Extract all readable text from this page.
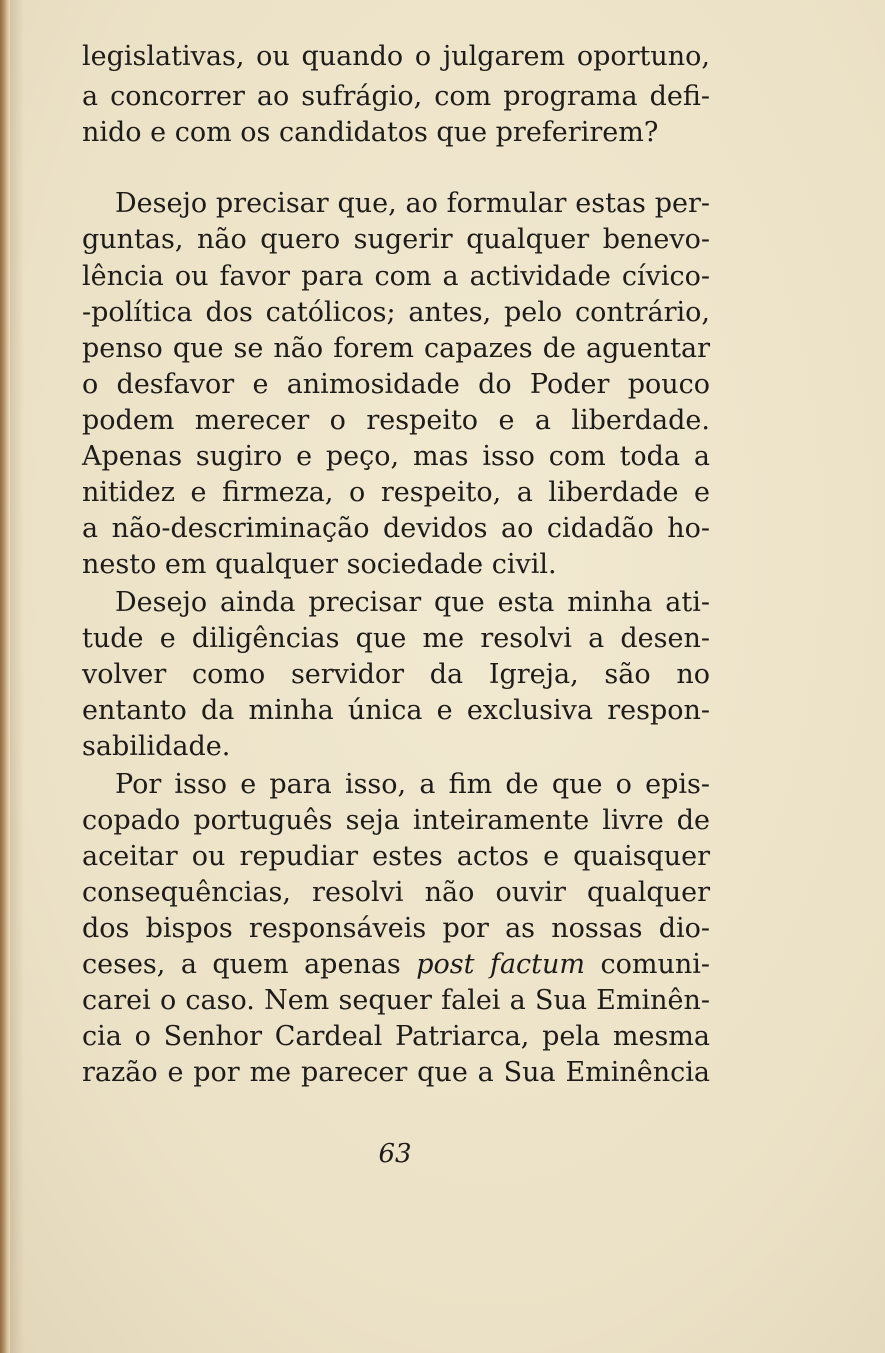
legislativas, ou quando o julgarem oportuno,
a concorrer ao sufrágio, com programa defi-
nido e com os candidatos que preferirem?
Desejo precisar que, ao formular estas per-
guntas, não quero sugerir qualquer benevo-
lência ou favor para com a actividade cívico-
-política dos católicos; antes, pelo contrário,
penso que se não forem capazes de aguentar
o desfavor e animosidade do Poder pouco
podem merecer o respeito e a liberdade.
Apenas sugiro e peço, mas isso com toda a
nitidez e firmeza, o respeito, a liberdade e
a não-descriminação devidos ao cidadão ho-
nesto em qualquer sociedade civil.
Desejo ainda precisar que esta minha ati-
tude e diligências que me resolvi a desen-
volver como servidor da Igreja, são no
entanto da minha única e exclusiva respon-
sabilidade.
Por isso e para isso, a fim de que o epis-
copado português seja inteiramente livre de
aceitar ou repudiar estes actos e quaisquer
consequências, resolvi não ouvir qualquer
dos bispos responsáveis por as nossas dio-
ceses, a quem apenas post factum comuni-
carei o caso. Nem sequer falei a Sua Eminên-
cia o Senhor Cardeal Patriarca, pela mesma
razão e por me parecer que a Sua Eminência
63
